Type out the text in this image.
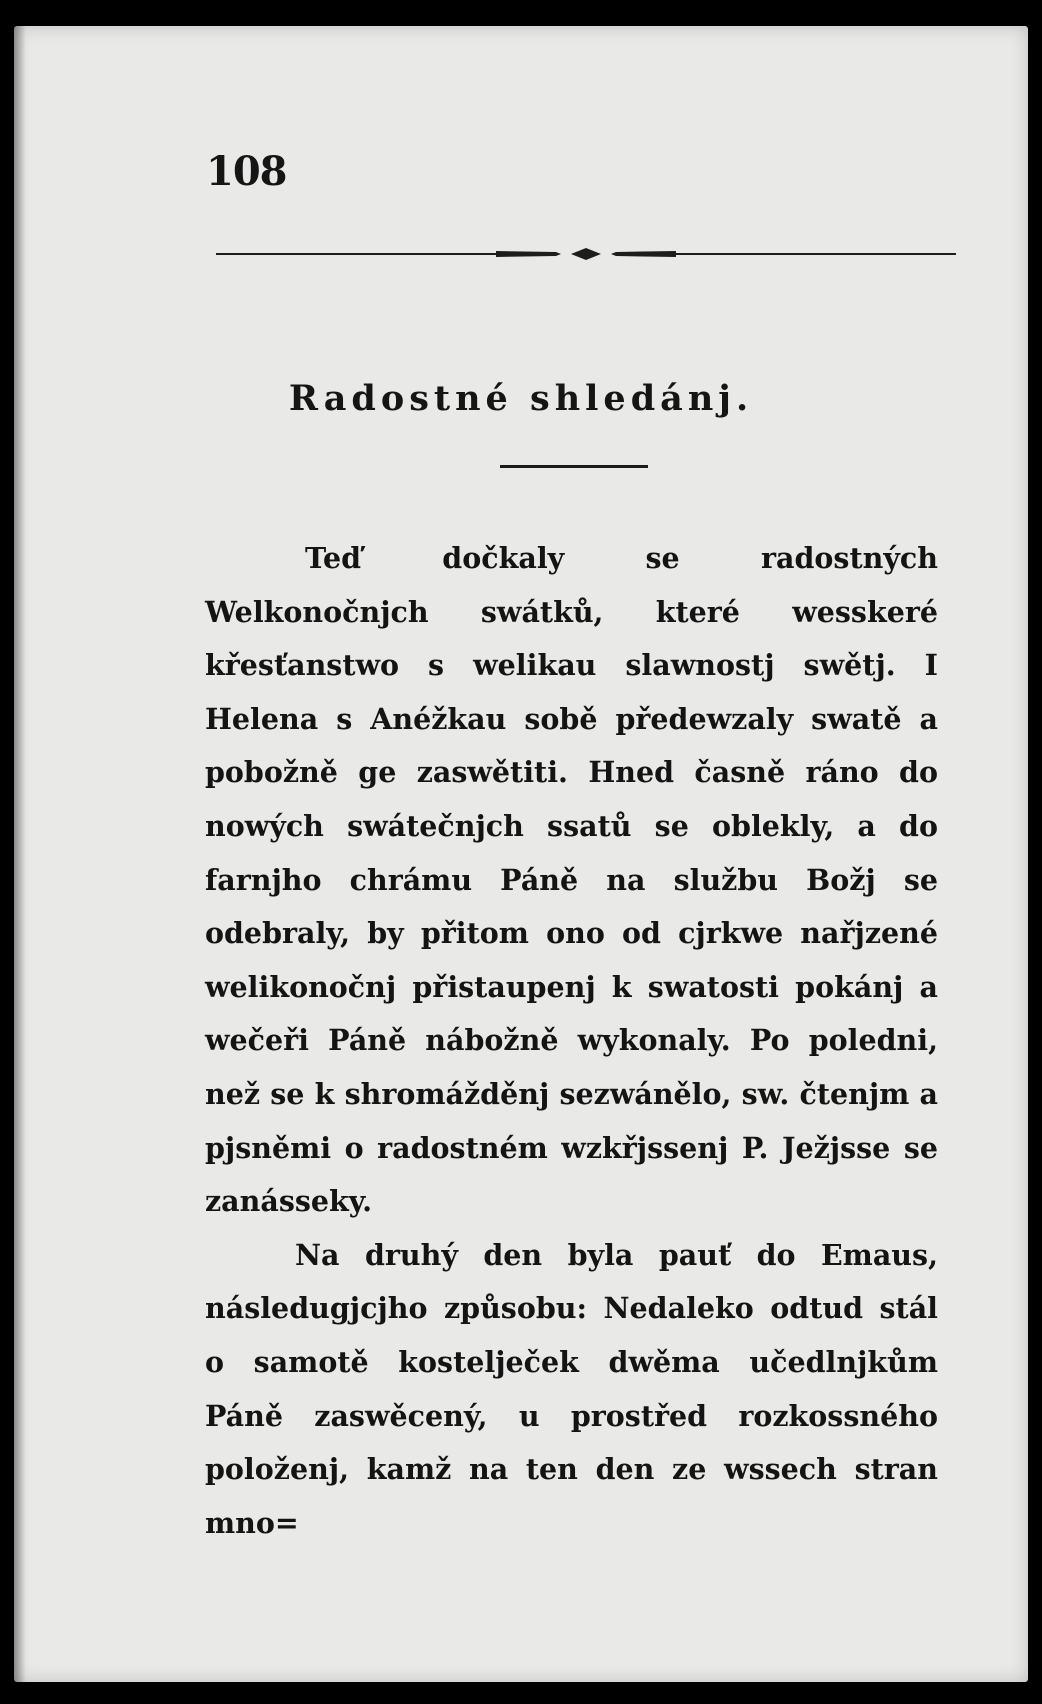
108
Radostné shledánj.

Teď dočkaly se radostných Welkonočnjch swátků, které wesskeré křesťanstwo s welikau slawnostj swětj. I Helena s Anéžkau sobě předewzaly swatě a pobožně ge zaswětiti. Hned časně ráno do nowých swátečnjch ssatů se oblekly, a do farnjho chrámu Páně na službu Božj se odebraly, by přitom ono od cjrkwe nařjzené welikonočnj přistaupenj k swatosti pokánj a wečeři Páně nábožně wykonaly. Po poledni, než se k shromážděnj sezwánělo, sw. čtenjm a pjsněmi o radostném wzkřjssenj P. Ježjsse se zanásseky.

Na druhý den byla pauť do Emaus, následugjcjho způsobu: Nedaleko odtud stál o samotě kostelječek dwěma učedlnjkům Páně zaswěcený, u prostřed rozkossného položenj, kamž na ten den ze wssech stran mno=
